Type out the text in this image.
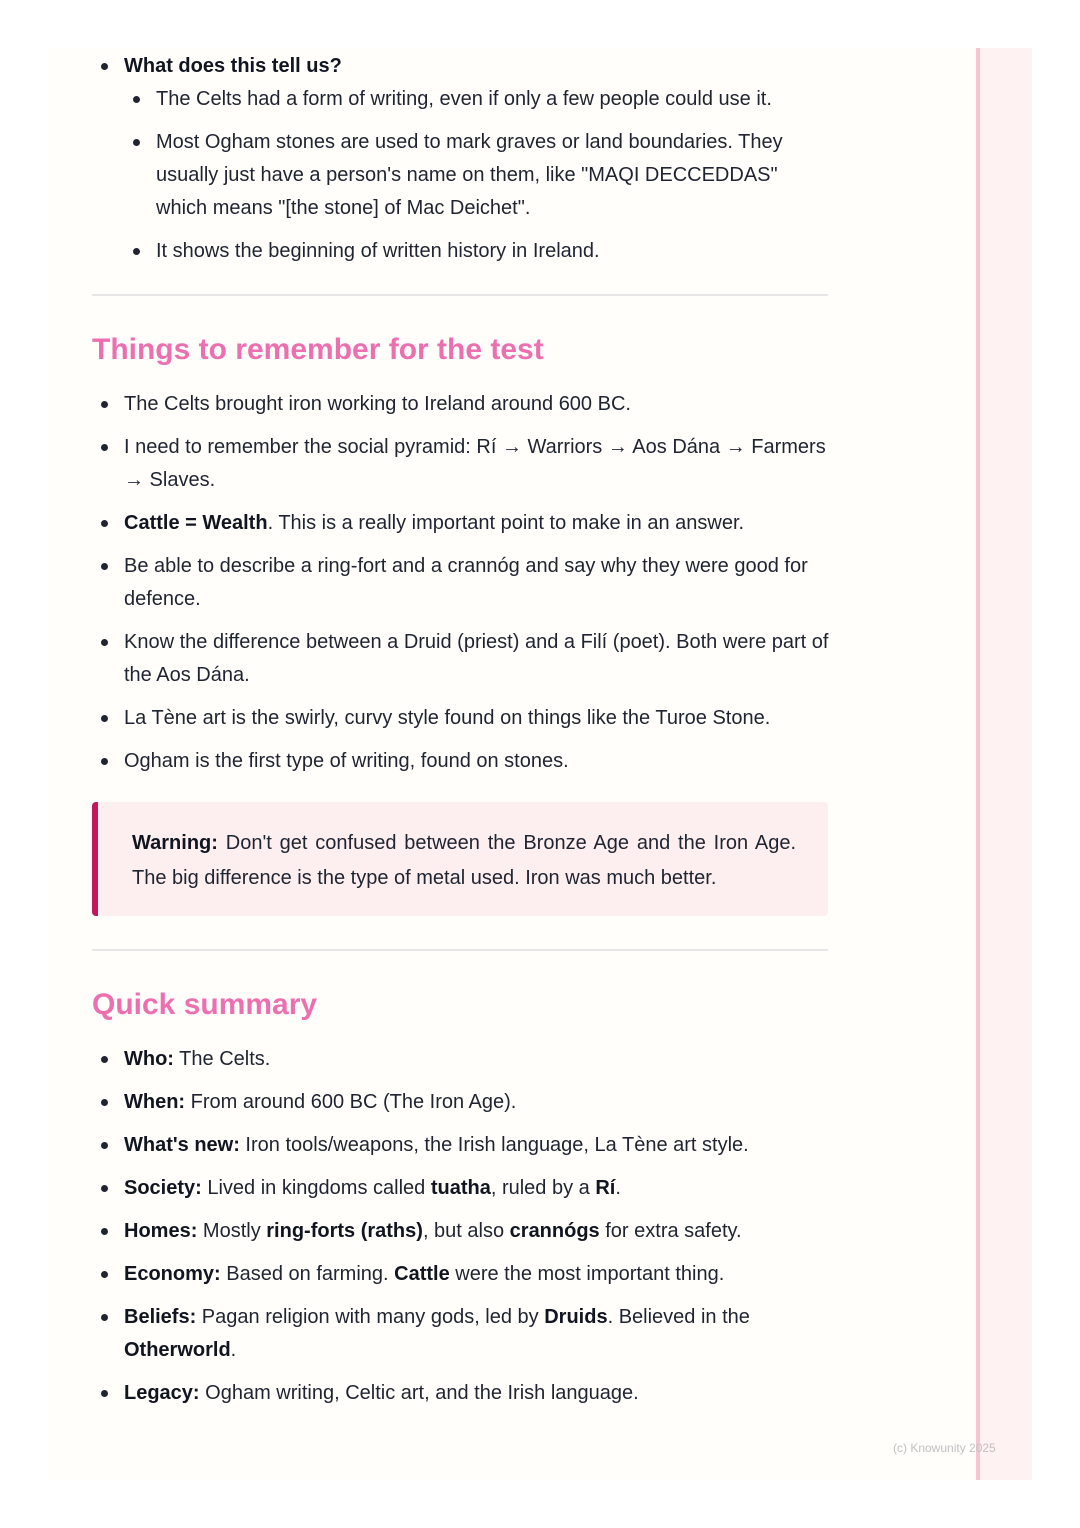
What does this tell us?
The Celts had a form of writing, even if only a few people could use it.
Most Ogham stones are used to mark graves or land boundaries. They usually just have a person's name on them, like "MAQI DECCEDDAS" which means "[the stone] of Mac Deichet".
It shows the beginning of written history in Ireland.
Things to remember for the test
The Celts brought iron working to Ireland around 600 BC.
I need to remember the social pyramid: Rí → Warriors → Aos Dána → Farmers → Slaves.
Cattle = Wealth. This is a really important point to make in an answer.
Be able to describe a ring-fort and a crannóg and say why they were good for defence.
Know the difference between a Druid (priest) and a Filí (poet). Both were part of the Aos Dána.
La Tène art is the swirly, curvy style found on things like the Turoe Stone.
Ogham is the first type of writing, found on stones.
Warning: Don't get confused between the Bronze Age and the Iron Age. The big difference is the type of metal used. Iron was much better.
Quick summary
Who: The Celts.
When: From around 600 BC (The Iron Age).
What's new: Iron tools/weapons, the Irish language, La Tène art style.
Society: Lived in kingdoms called tuatha, ruled by a Rí.
Homes: Mostly ring-forts (raths), but also crannógs for extra safety.
Economy: Based on farming. Cattle were the most important thing.
Beliefs: Pagan religion with many gods, led by Druids. Believed in the Otherworld.
Legacy: Ogham writing, Celtic art, and the Irish language.
(c) Knowunity 2025
